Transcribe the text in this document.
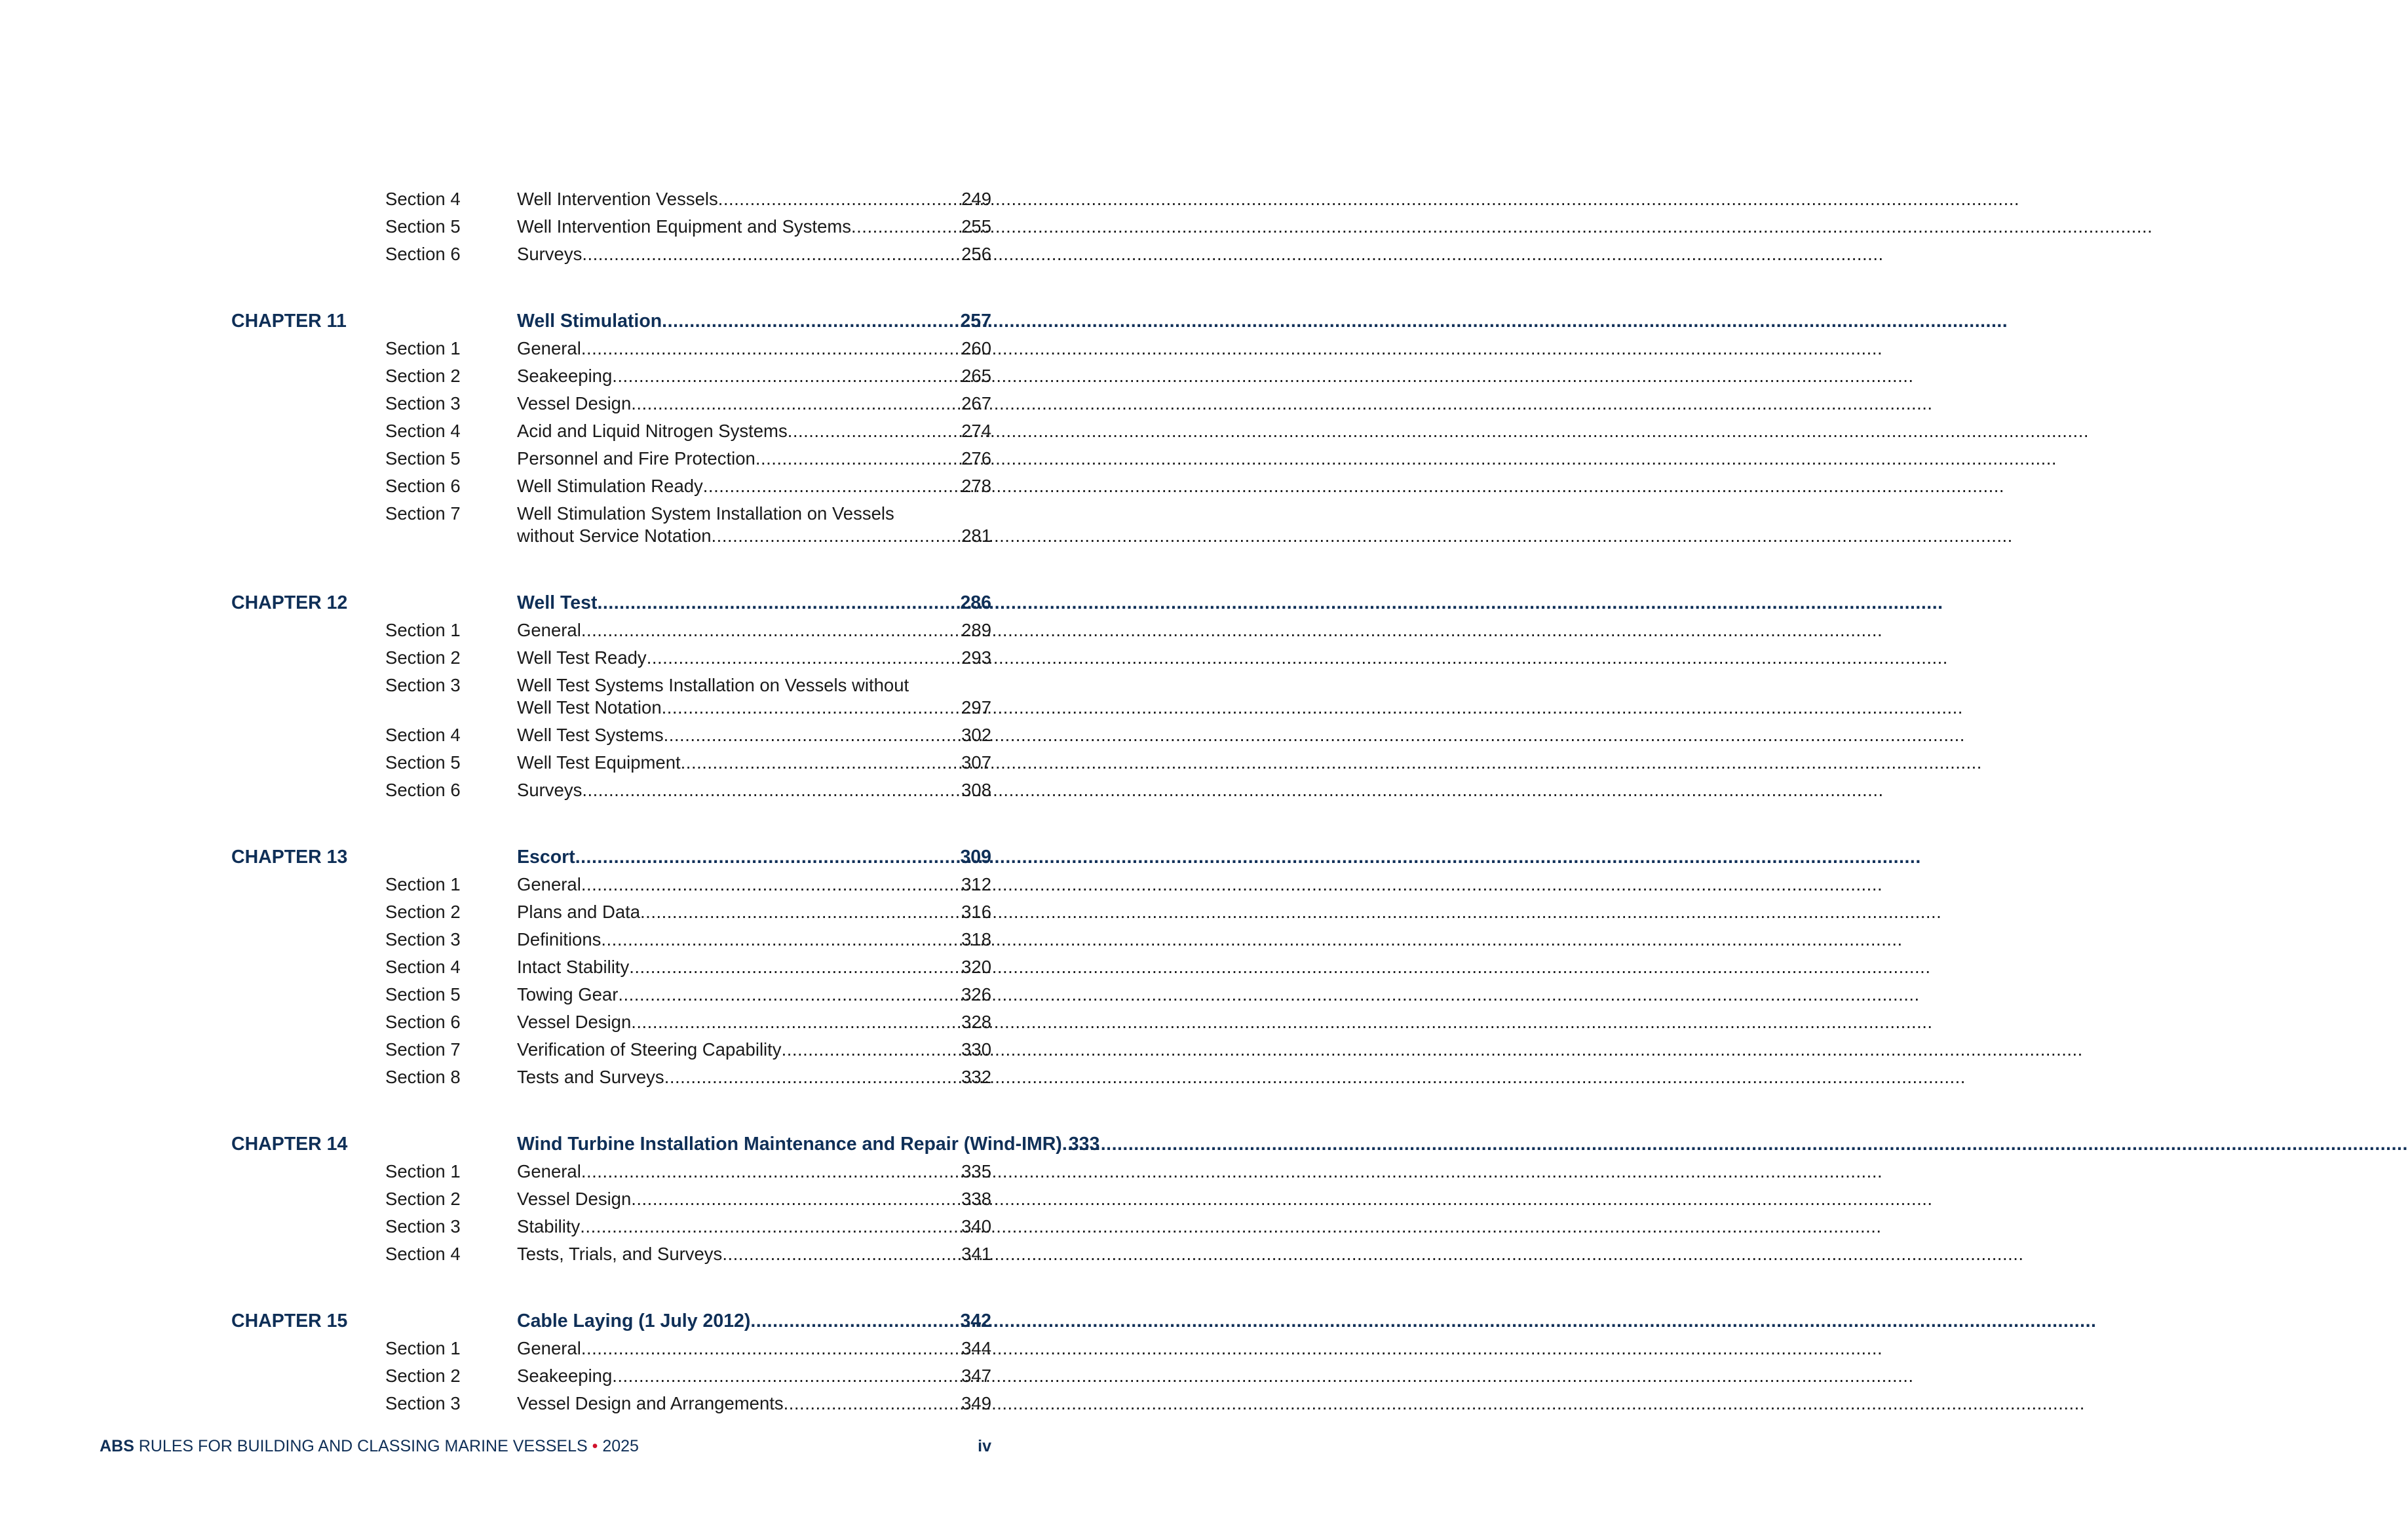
Section 4	Well Intervention Vessels .....	249
Section 5	Well Intervention Equipment and Systems .....	255
Section 6	Surveys .....	256
CHAPTER 11	Well Stimulation .....	257
Section 1	General .....	260
Section 2	Seakeeping .....	265
Section 3	Vessel Design .....	267
Section 4	Acid and Liquid Nitrogen Systems .....	274
Section 5	Personnel and Fire Protection .....	276
Section 6	Well Stimulation Ready .....	278
Section 7	Well Stimulation System Installation on Vessels
without Service Notation .....	281
CHAPTER 12	Well Test .....	286
Section 1	General .....	289
Section 2	Well Test Ready .....	293
Section 3	Well Test Systems Installation on Vessels without
Well Test Notation .....	297
Section 4	Well Test Systems .....	302
Section 5	Well Test Equipment .....	307
Section 6	Surveys .....	308
CHAPTER 13	Escort .....	309
Section 1	General .....	312
Section 2	Plans and Data .....	316
Section 3	Definitions .....	318
Section 4	Intact Stability .....	320
Section 5	Towing Gear .....	326
Section 6	Vessel Design .....	328
Section 7	Verification of Steering Capability .....	330
Section 8	Tests and Surveys .....	332
CHAPTER 14	Wind Turbine Installation Maintenance and Repair (Wind-IMR) ..... 333
Section 1	General .....	335
Section 2	Vessel Design .....	338
Section 3	Stability .....	340
Section 4	Tests, Trials, and Surveys .....	341
CHAPTER 15	Cable Laying (1 July 2012) .....	342
Section 1	General .....	344
Section 2	Seakeeping .....	347
Section 3	Vessel Design and Arrangements .....	349
ABS RULES FOR BUILDING AND CLASSING MARINE VESSELS • 2025	iv
